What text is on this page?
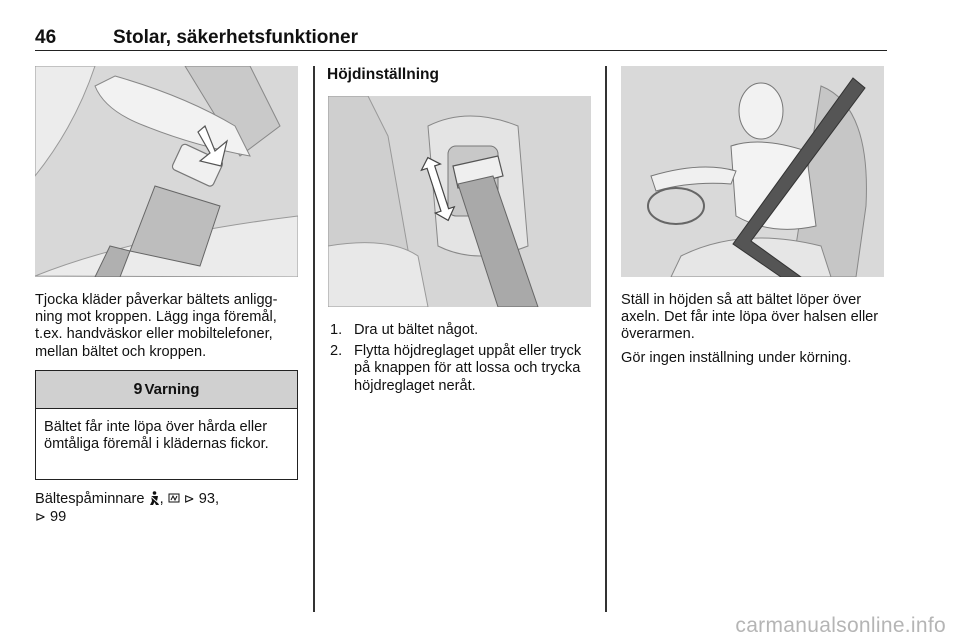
46	Stolar, säkerhetsfunktioner
Tjocka kläder påverkar bältets anligg-
ning mot kroppen. Lägg inga föremål,
t.ex. handväskor eller mobiltelefoner,
mellan bältet och kroppen.
9 Varning
Bältet får inte löpa över hårda eller ömtåliga föremål i klädernas fickor.
Bältespåminnare , ⊳ 93,
⊳ 99
Höjdinställning
1. Dra ut bältet något.
2. Flytta höjdreglaget uppåt eller tryck på knappen för att lossa och trycka höjdreglaget neråt.
Ställ in höjden så att bältet löper över axeln. Det får inte löpa över halsen eller överarmen.
Gör ingen inställning under körning.
carmanualsonline.info
